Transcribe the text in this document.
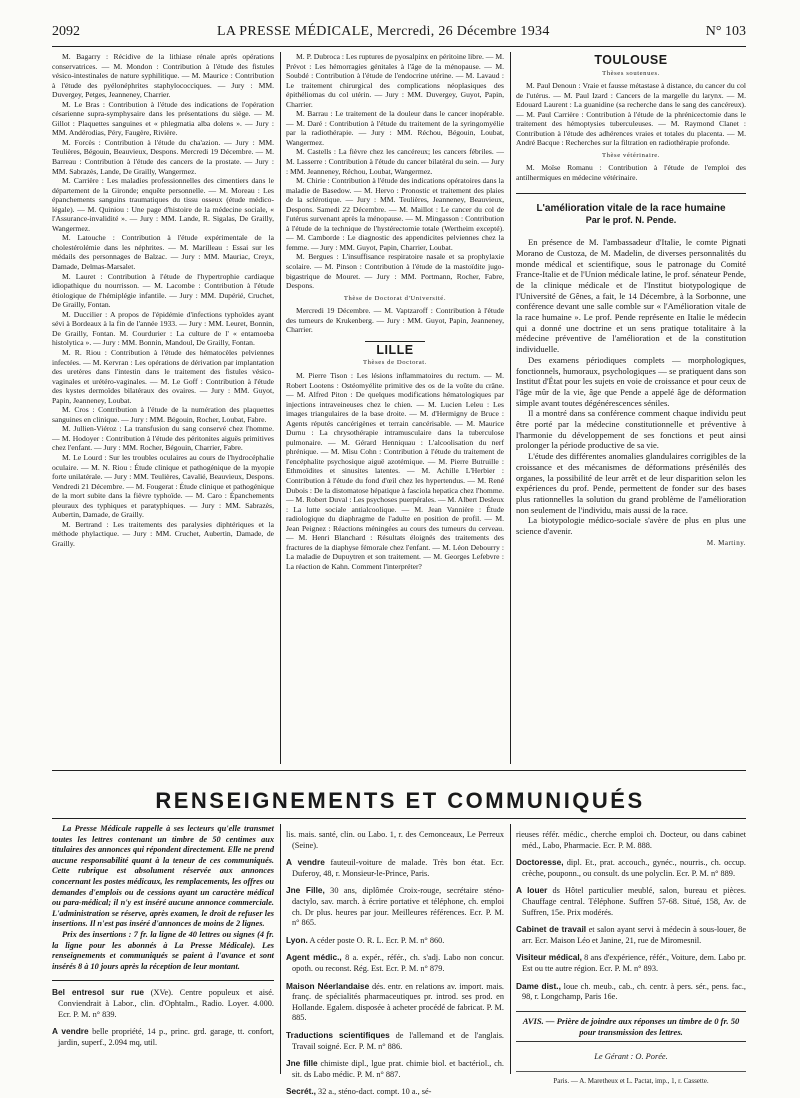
2092	LA PRESSE MÉDICALE, Mercredi, 26 Décembre 1934	N° 103

M. Bagarry : Récidive de la lithiase rénale après opérations conservatrices. — M. Mondon : Contribution à l'étude des fistules vésico-intestinales de nature syphilitique. — M. Maurice : Contribution à l'étude des pyélonéphrites staphylococciques. — Jury : MM. Duvergey, Petges, Jeanneney, Charrier.

M. Le Bras : Contribution à l'étude des indications de l'opération césarienne supra-symphysaire dans les présentations du siège. — M. Gillot : Plaquettes sanguines et « phlegmatia alba dolens ». — Jury : MM. Andérodias, Péry, Faugère, Rivière.

M. Forcès : Contribution à l'étude du cha'azion. — Jury : MM. Teulières, Bégouin, Beauvieux, Despons. Mercredi 19 Décembre. — M. Barreau : Contribution à l'étude des cancers de la prostate. — Jury : MM. Sabrazès, Lande, De Grailly, Wangermez.

M. Carrière : Les maladies professionnelles des cimentiers dans le département de la Gironde; enquête personnelle. — M. Moreau : Les épanchements sanguins traumatiques du tissu osseux (étude médico-légale). — M. Quiniou : Une page d'histoire de la médecine sociale, « l'Assurance-invalidité ». — Jury : MM. Lande, R. Sigalas, De Grailly, Wangermez.

M. Latouche : Contribution à l'étude expérimentale de la cholestérolémie dans les néphrites. — M. Marilleau : Essai sur les médails des personnages de Balzac. — Jury : MM. Mauriac, Creyx, Damade, Delmas-Marsalet.

M. Lauret : Contribution à l'étude de l'hypertrophie cardiaque idiopathique du nourrisson. — M. Lacombe : Contribution à l'étude étiologique de l'hémiplégie infantile. — Jury : MM. Dupérié, Cruchet, De Grailly, Fontan.

M. Duccilier : A propos de l'épidémie d'infections typhoïdes ayant sévi à Bordeaux à la fin de l'année 1933. — Jury : MM. Leuret, Bonnin, De Grailly, Fontan. M. Courdurier : La culture de l' « entamoeba histolytica ». — Jury : MM. Bonnin, Mandoul, De Grailly, Fontan.

M. R. Riou : Contribution à l'étude des hématocèles pelviennes infectées. — M. Kervran : Les opérations de dérivation par implantation des uretères dans l'intestin dans le traitement des fistules vésico-vaginales et urétéro-vaginales. — M. Le Goff : Contribution à l'étude des kystes dermoïdes bilatéraux des ovaires. — Jury : MM. Guyot, Papin, Jeanneney, Loubat.

M. Cros : Contribution à l'étude de la numération des plaquettes sanguines en clinique. — Jury : MM. Bégouin, Rocher, Loubat, Fabre.

M. Jullien-Viéroz : La transfusion du sang conservé chez l'homme. — M. Hodoyer : Contribution à l'étude des péritonites aiguës primitives chez l'enfant. — Jury : MM. Rocher, Bégouin, Charrier, Fabre.

M. Le Lourd : Sur les troubles oculaires au cours de l'hydrocéphalie oculaire. — M. N. Riou : Étude clinique et pathogénique de la myopie forte unilatérale. — Jury : MM. Teulières, Cavalié, Beauvieux, Despons. Vendredi 21 Décembre. — M. Fougerat : Étude clinique et pathogénique de la mort subite dans la fièvre typhoïde. — M. Caro : Épanchements pleuraux des typhiques et paratyphiques. — Jury : MM. Sabrazès, Aubertin, Damade, de Grailly.

M. Bertrand : Les traitements des paralysies diphtériques et la méthode phylactique. — Jury : MM. Cruchet, Aubertin, Damade, de Grailly.

M. P. Dubroca : Les ruptures de pyosalpinx en péritoine libre. — M. Prévot : Les hémorragies génitales à l'âge de la ménopause. — M. Soubdé : Contribution à l'étude de l'endocrine utérine. — M. Lavaud : Le traitement chirurgical des complications néoplasiques des épithéliomas du col utérin. — Jury : MM. Duvergey, Guyot, Papin, Charrier.

M. Barrau : Le traitement de la douleur dans le cancer inopérable. — M. Daré : Contribution à l'étude du traitement de la syringomyélie par la radiothérapie. — Jury : MM. Réchou, Bégouin, Loubat, Wangermez.

M. Castells : La fièvre chez les cancéreux; les cancers fébriles. — M. Lasserre : Contribution à l'étude du cancer bilatéral du sein. — Jury : MM. Jeanneney, Réchou, Loubat, Wangermez.

M. Chirie : Contribution à l'étude des indications opératoires dans la maladie de Basedow. — M. Hervo : Pronostic et traitement des plaies de la sclérotique. — Jury : MM. Teulières, Jeanneney, Beauvieux, Despons. Samedi 22 Décembre. — M. Maillot : Le cancer du col de l'utérus survenant après la ménopause. — M. Mingasson : Contribution à l'étude de la technique de l'hystérectomie totale (Wertheim excepté). — M. Camborde : Le diagnostic des appendicites pelviennes chez la femme. — Jury : MM. Guyot, Papin, Charrier, Loubat.

M. Bergues : L'insuffisance respiratoire nasale et sa prophylaxie scolaire. — M. Pinson : Contribution à l'étude de la mastoïdite jugo-bigastrique de Mouret. — Jury : MM. Portmann, Rocher, Fabre, Despons.

Thèse de Doctorat d'Université.

Mercredi 19 Décembre. — M. Vaptzaroff : Contribution à l'étude des tumeurs de Krukenberg. — Jury : MM. Guyot, Papin, Jeanneney, Charrier.

LILLE
Thèses de Doctorat.

M. Pierre Tison : Les lésions inflammatoires du rectum. — M. Robert Lootens : Ostéomyélite primitive des os de la voûte du crâne. — M. Alfred Piton : De quelques modifications hématologiques par injections intraveineuses chez le chien. — M. Lucien Leleu : Les images triangulaires de la base droite. — M. d'Hermigny de Bruce : Agents réputés cancérigènes et terrain cancérisable. — M. Maurice Durnu : La chrysothérapie intramusculaire dans la tuberculose pulmonaire. — M. Gérard Henniquau : L'alcoolisation du nerf phrénique. — M. Misu Cohn : Contribution à l'étude du traitement de l'encéphalite psychosique aiguë azotémique. — M. Pierre Butruille : Ethmoïdites et sinusites latentes. — M. Achille L'Herbier : Contribution à l'étude du fond d'œil chez les hypertendus. — M. René Dubois : De la distomatose hépatique à fasciola hepatica chez l'homme. — M. Robert Duval : Les psychoses puerpérales. — M. Albert Desleux : La lutte sociale antialcoolique. — M. Jean Vannière : Étude radiologique du diaphragme de l'adulte en position de profil. — M. Jean Peignez : Réactions méningées au cours des tumeurs du cerveau. — M. Henri Blanchard : Résultats éloignés des traitements des fractures de la diaphyse fémorale chez l'enfant. — M. Léon Debourry : La maladie de Dupuytren et son traitement. — M. Georges Lefebvre : La réaction de Kahn. Comment l'interpréter?

TOULOUSE
Thèses soutenues.

M. Paul Denoun : Vraie et fausse métastase à distance, du cancer du col de l'utérus. — M. Paul Izard : Cancers de la margelle du larynx. — M. Edouard Laurent : La guanidine (sa recherche dans le sang des cancéreux). — M. Paul Carrière : Contribution à l'étude de la phrénicectomie dans le traitement des hémoptysies tuberculeuses. — M. Raymond Clanet : Contribution à l'étude des adhérences vraies et totales du placenta. — M. André Bacque : Recherches sur la filtration en radiothérapie profonde.

Thèse vétérinaire.

M. Moïse Romanu : Contribution à l'étude de l'emploi des antilhermiques en médecine vétérinaire.

L'amélioration vitale de la race humaine
Par le prof. N. Pende.

En présence de M. l'ambassadeur d'Italie, le comte Pignati Morano de Custoza, de M. Madelin, de diverses personnalités du monde médical et scientifique, sous le patronage du Comité France-Italie et de l'Union médicale latine, le prof. sénateur Pende, de la clinique médicale et de l'Institut biotypologique de l'Université de Gênes, a fait, le 14 Décembre, à la Sorbonne, une conférence devant une salle comble sur « l'Amélioration vitale de la race humaine ». Le prof. Pende représente en Italie le médecin qui a donné une doctrine et un sens pratique totalitaire à la médecine préventive de l'amélioration et de la constitution individuelle.

Des examens périodiques complets — morphologiques, fonctionnels, humoraux, psychologiques — se pratiquent dans son Institut d'État pour les sujets en voie de croissance et pour ceux de l'âge mûr de la vie, âge que Pende a appelé âge de déformation simple avant toutes dégénérescences séniles.

Il a montré dans sa conférence comment chaque individu peut être porté par la médecine constitutionnelle et préventive à l'harmonie du développement de ses fonctions et peut ainsi prolonger la période productive de sa vie.

L'étude des différentes anomalies glandulaires corrigibles de la croissance et des mécanismes de déformations présénilés des organes, la possibilité de leur arrêt et de leur disparition selon les expériences du prof. Pende, permettent de fonder sur des bases plus rationnelles la solution du grand problème de l'amélioration non seulement de l'individu, mais aussi de la race.

La biotypologie médico-sociale s'avère de plus en plus une science d'avenir.

M. Martiny.
RENSEIGNEMENTS ET COMMUNIQUÉS

La Presse Médicale rappelle à ses lecteurs qu'elle transmet toutes les lettres contenant un timbre de 50 centimes aux titulaires des annonces qui répondent directement. Elle ne prend aucune responsabilité quant à la teneur de ces communiqués. Cette rubrique est absolument réservée aux annonces concernant les postes médicaux, les remplacements, les offres ou demandes d'emplois ou de cessions ayant un caractère médical ou para-médical; il n'y est inséré aucune annonce commerciale. L'administration se réserve, après examen, le droit de refuser les insertions. Il n'est pas inséré d'annonces de moins de 2 lignes.

Prix des insertions : 7 fr. la ligne de 40 lettres ou signes (4 fr. la ligne pour les abonnés à La Presse Médicale). Les renseignements et communiqués se paient à l'avance et sont insérés 8 à 10 jours après la réception de leur montant.

Bel entresol sur rue (XVe). Centre populeux et aisé. Conviendrait à Labor., clin. d'Ophtalm., Radio. Loyer. 4.000. Ecr. P. M. n° 839.

A vendre belle propriété, 14 p., princ. grd. garage, tt. confort, jardin, superf., 2.094 mq, util.

lis. mais. santé, clin. ou Labo. 1, r. des Cemonceaux, Le Perreux (Seine).

A vendre fauteuil-voiture de malade. Très bon état. Ecr. Duferoy, 48, r. Monsieur-le-Prince, Paris.

Jne Fille, 30 ans, diplômée Croix-rouge, secrétaire sténo-dactylo, sav. march. à écrire portative et téléphone, ch. emploi ch. Dr plus. heures par jour. Meilleures références. Ecr. P. M. n° 865.

Lyon. A céder poste O. R. L. Ecr. P. M. n° 860.

Agent médic., 8 a. expér., référ., ch. s'adj. Labo non concur. opoth. ou reconst. Rég. Est. Ecr. P. M. n° 879.

Maison Néerlandaise dés. entr. en relations av. import. mais. franç. de spécialités pharmaceutiques pr. introd. ses prod. en Hollande. Egalem. disposée à acheter procédé de fabricat. P. M. 885.

Traductions scientifiques de l'allemand et de l'anglais. Travail soigné. Ecr. P. M. n° 886.

Jne fille chimiste dipl., lgue prat. chimie biol. et bactériol., ch. sit. ds Labo médic. P. M. n° 887.

Secrét., 32 a., sténo-dact. compt. 10 a., sé-

rieuses référ. médic., cherche emploi ch. Docteur, ou dans cabinet méd., Labo, Pharmacie. Ecr. P. M. 888.

Doctoresse, dipl. Et., prat. accouch., gynéc., nourris., ch. occup. crèche, pouponn., ou consult. ds une polyclin. Ecr. P. M. n° 889.

A louer ds Hôtel particulier meublé, salon, bureau et pièces. Chauffage central. Téléphone. Suffren 57-68. Situé, 158, Av. de Suffren, 15e. Prix modérés.

Cabinet de travail et salon ayant servi à médecin à sous-louer, 8e arr. Ecr. Maison Léo et Janine, 21, rue de Miromesnil.

Visiteur médical, 8 ans d'expérience, référ., Voiture, dem. Labo pr. Est ou tte autre région. Ecr. P. M. n° 893.

Dame dist., loue ch. meub., cab., ch. centr. à pers. sér., pens. fac., 98, r. Longchamp, Paris 16e.

AVIS. — Prière de joindre aux réponses un timbre de 0 fr. 50 pour transmission des lettres.
Le Gérant : O. Porée.
Paris. — A. Maretheux et L. Pactat, imp., 1, r. Cassette.
